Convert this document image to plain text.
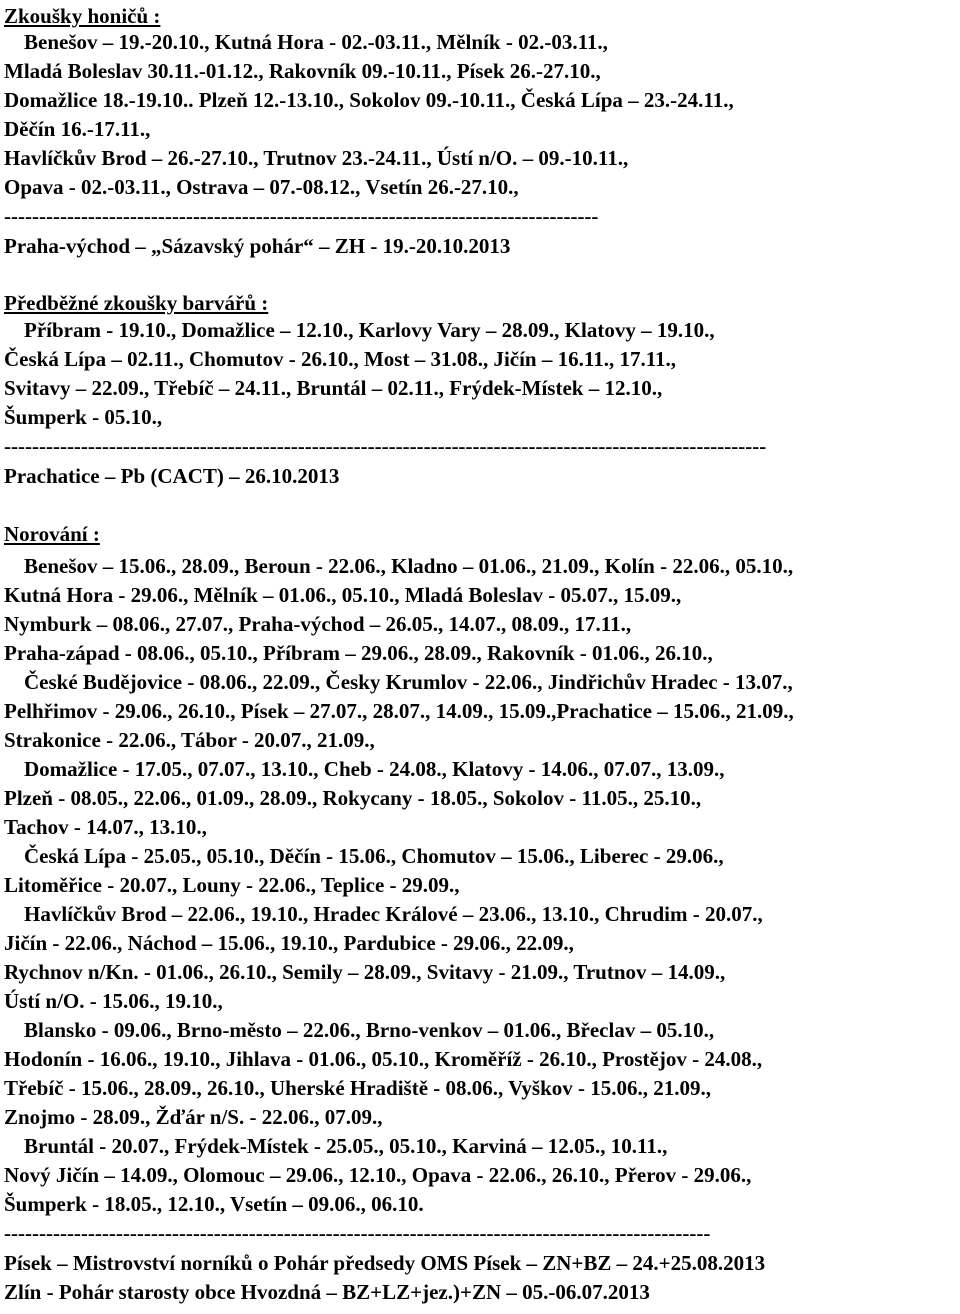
Zkoušky honičů :
Benešov – 19.-20.10., Kutná Hora - 02.-03.11., Mělník - 02.-03.11.,
Mladá Boleslav 30.11.-01.12., Rakovník 09.-10.11., Písek 26.-27.10.,
Domažlice 18.-19.10.. Plzeň 12.-13.10., Sokolov 09.-10.11., Česká Lípa – 23.-24.11.,
Děčín 16.-17.11.,
Havlíčkův Brod – 26.-27.10., Trutnov 23.-24.11., Ústí n/O. – 09.-10.11.,
Opava - 02.-03.11., Ostrava – 07.-08.12., Vsetín 26.-27.10.,
-------------------------------------------------------------------------------------
Praha-východ – „Sázavský pohár“ – ZH - 19.-20.10.2013
Předběžné zkoušky barvářů :
Příbram - 19.10., Domažlice – 12.10., Karlovy Vary – 28.09., Klatovy – 19.10.,
Česká Lípa – 02.11., Chomutov - 26.10., Most – 31.08., Jičín – 16.11., 17.11.,
Svitavy – 22.09., Třebíč – 24.11., Bruntál – 02.11., Frýdek-Místek – 12.10.,
Šumperk - 05.10.,
-------------------------------------------------------------------------------------------------------------
Prachatice – Pb (CACT) – 26.10.2013
Norování :
Benešov – 15.06., 28.09., Beroun - 22.06., Kladno – 01.06., 21.09., Kolín - 22.06., 05.10.,
Kutná Hora - 29.06., Mělník – 01.06., 05.10., Mladá Boleslav - 05.07., 15.09.,
Nymburk – 08.06., 27.07., Praha-východ – 26.05., 14.07., 08.09., 17.11.,
Praha-západ - 08.06., 05.10., Příbram – 29.06., 28.09., Rakovník - 01.06., 26.10.,
České Budějovice - 08.06., 22.09., Česky Krumlov - 22.06., Jindřichův Hradec - 13.07.,
Pelhřimov - 29.06., 26.10., Písek – 27.07., 28.07., 14.09., 15.09.,Prachatice – 15.06., 21.09.,
Strakonice - 22.06., Tábor - 20.07., 21.09.,
Domažlice - 17.05., 07.07., 13.10., Cheb - 24.08., Klatovy - 14.06., 07.07., 13.09.,
Plzeň - 08.05., 22.06., 01.09., 28.09., Rokycany - 18.05., Sokolov - 11.05., 25.10.,
Tachov - 14.07., 13.10.,
Česká Lípa - 25.05., 05.10., Děčín - 15.06., Chomutov – 15.06., Liberec - 29.06.,
Litoměřice - 20.07., Louny - 22.06., Teplice - 29.09.,
Havlíčkův Brod – 22.06., 19.10., Hradec Králové – 23.06., 13.10., Chrudim - 20.07.,
Jičín - 22.06., Náchod – 15.06., 19.10., Pardubice - 29.06., 22.09.,
Rychnov n/Kn. - 01.06., 26.10., Semily – 28.09., Svitavy - 21.09., Trutnov – 14.09.,
Ústí n/O. - 15.06., 19.10.,
Blansko - 09.06., Brno-město – 22.06., Brno-venkov – 01.06., Břeclav – 05.10.,
Hodonín - 16.06., 19.10., Jihlava - 01.06., 05.10., Kroměříž - 26.10., Prostějov - 24.08.,
Třebíč - 15.06., 28.09., 26.10., Uherské Hradiště - 08.06., Vyškov - 15.06., 21.09.,
Znojmo - 28.09., Žďár n/S. - 22.06., 07.09.,
Bruntál - 20.07., Frýdek-Místek - 25.05., 05.10., Karviná – 12.05., 10.11.,
Nový Jičín – 14.09., Olomouc – 29.06., 12.10., Opava - 22.06., 26.10., Přerov - 29.06.,
Šumperk - 18.05., 12.10., Vsetín – 09.06., 06.10.
-----------------------------------------------------------------------------------------------------
Písek – Mistrovství norníků o Pohár předsedy OMS Písek – ZN+BZ – 24.+25.08.2013
Zlín - Pohár starosty obce Hvozdná – BZ+LZ+jez.)+ZN – 05.-06.07.2013
